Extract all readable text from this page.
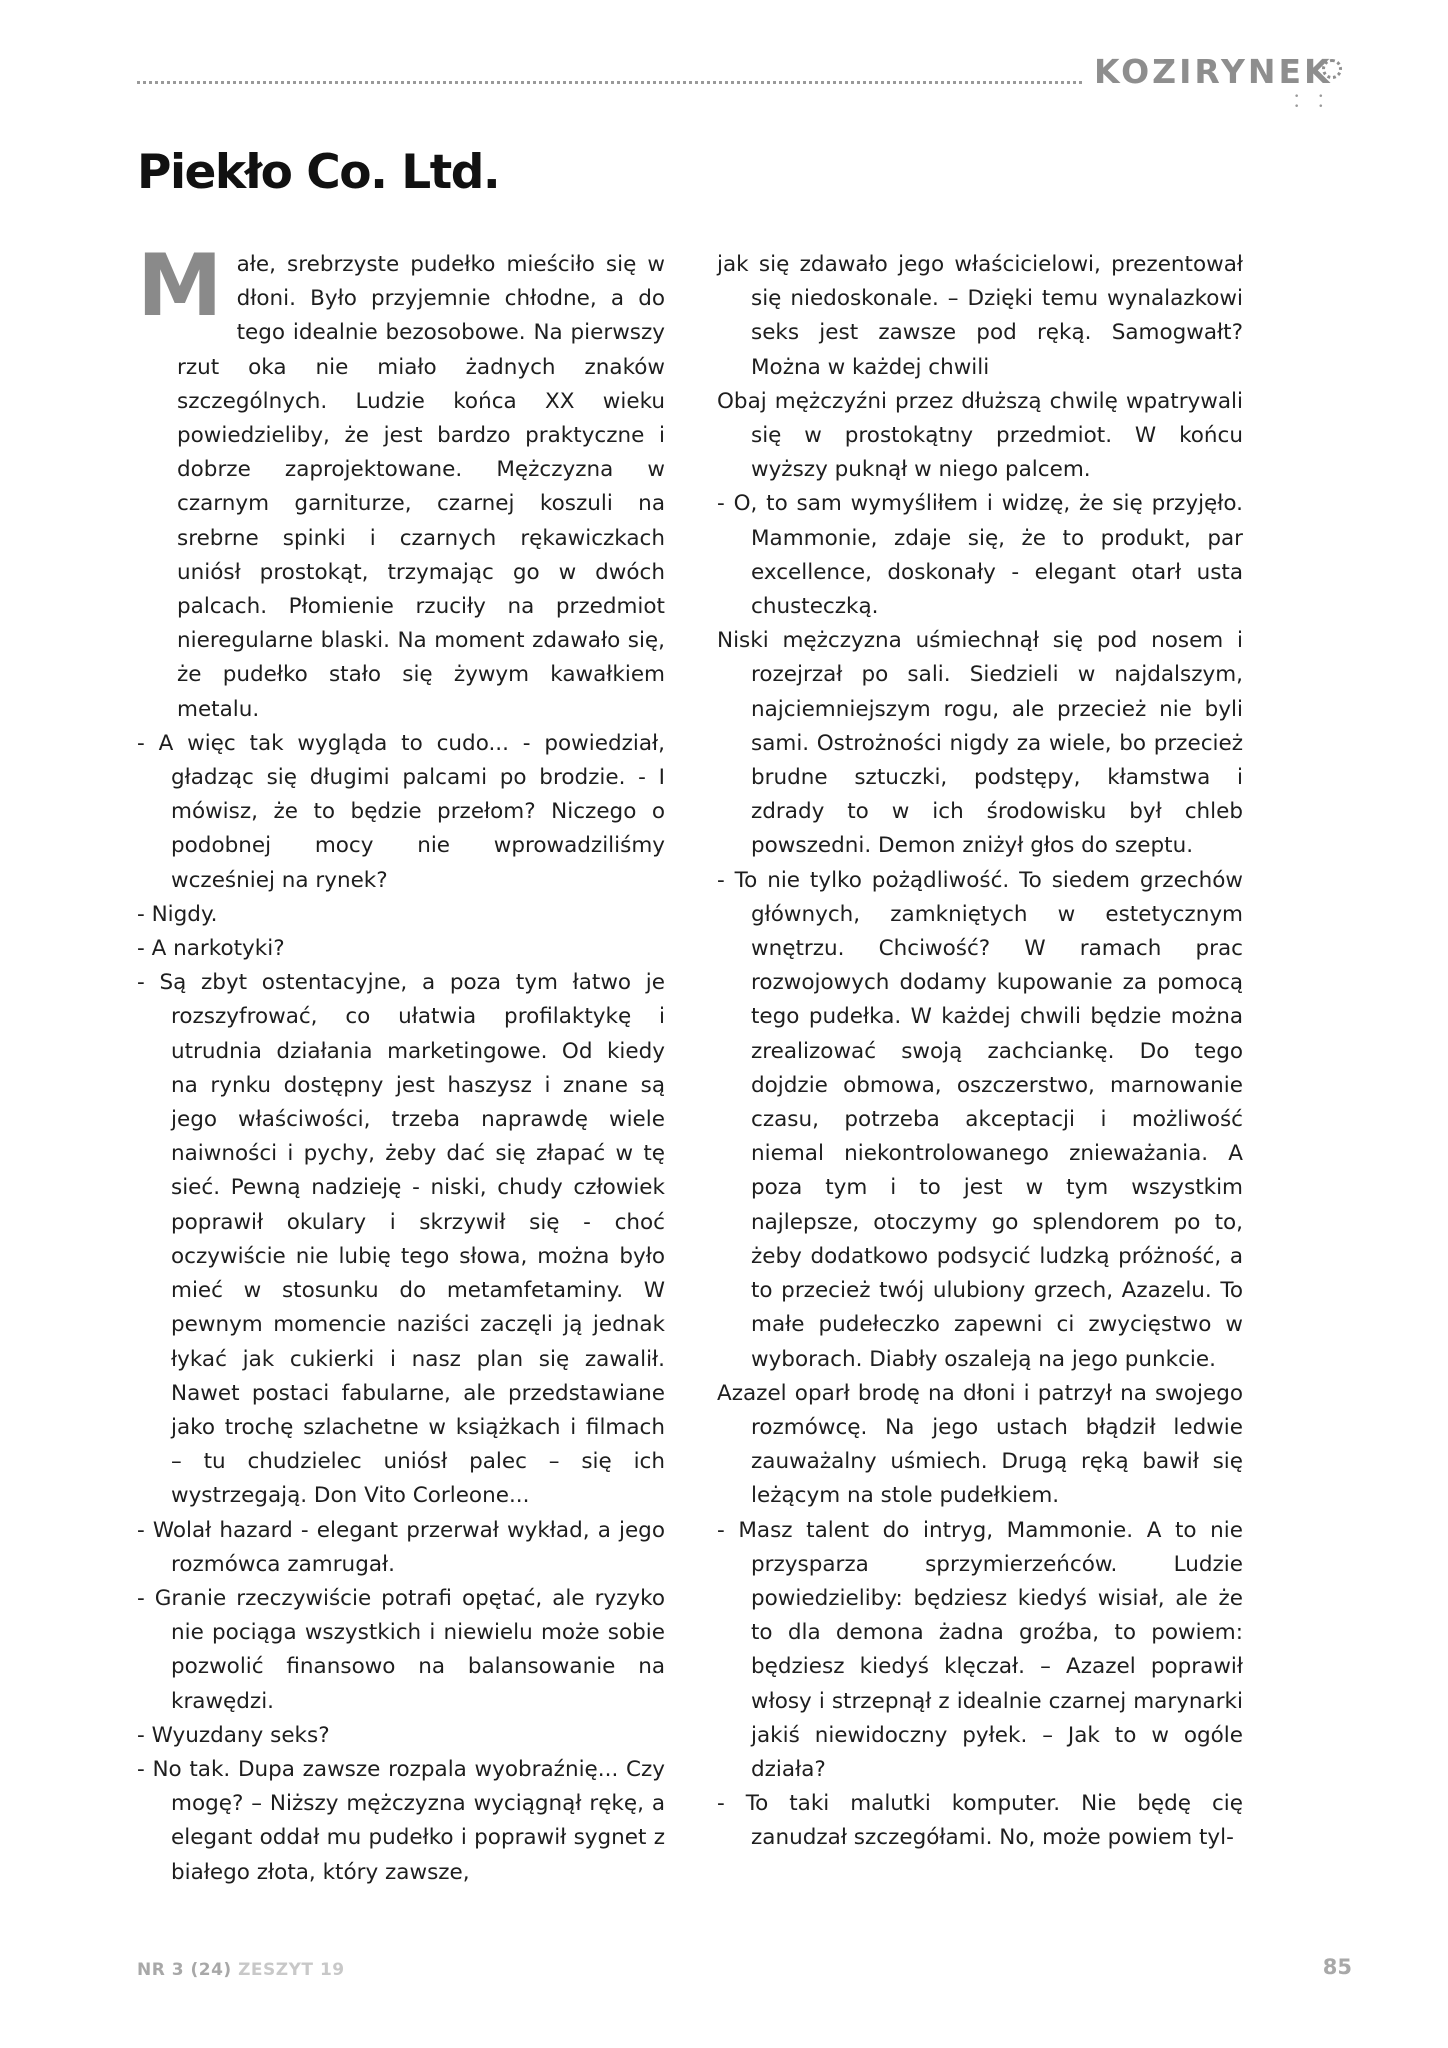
KOZIRYNEK
• • • •
Piekło Co. Ltd.

Małe, srebrzyste pudełko mieściło się w dłoni. Było przyjemnie chłodne, a do tego idealnie bezosobowe. Na pierwszy rzut oka nie miało żadnych znaków szczególnych. Ludzie końca XX wieku powiedzieliby, że jest bardzo praktyczne i dobrze zaprojektowane. Mężczyzna w czarnym garniturze, czarnej koszuli na srebrne spinki i czarnych rękawiczkach uniósł prostokąt, trzymając go w dwóch palcach. Płomienie rzuciły na przedmiot nieregularne blaski. Na moment zdawało się, że pudełko stało się żywym kawałkiem metalu.

- A więc tak wygląda to cudo... - powiedział, gładząc się długimi palcami po brodzie. - I mówisz, że to będzie przełom? Niczego o podobnej mocy nie wprowadziliśmy wcześniej na rynek?

- Nigdy.

- A narkotyki?

- Są zbyt ostentacyjne, a poza tym łatwo je rozszyfrować, co ułatwia profilaktykę i utrudnia działania marketingowe. Od kiedy na rynku dostępny jest haszysz i znane są jego właściwości, trzeba naprawdę wiele naiwności i pychy, żeby dać się złapać w tę sieć. Pewną nadzieję - niski, chudy człowiek poprawił okulary i skrzywił się - choć oczywiście nie lubię tego słowa, można było mieć w stosunku do metamfetaminy. W pewnym momencie naziści zaczęli ją jednak łykać jak cukierki i nasz plan się zawalił. Nawet postaci fabularne, ale przedstawiane jako trochę szlachetne w książkach i filmach – tu chudzielec uniósł palec – się ich wystrzegają. Don Vito Corleone...

- Wolał hazard - elegant przerwał wykład, a jego rozmówca zamrugał.

- Granie rzeczywiście potrafi opętać, ale ryzyko nie pociąga wszystkich i niewielu może sobie pozwolić finansowo na balansowanie na krawędzi.

- Wyuzdany seks?

- No tak. Dupa zawsze rozpala wyobraźnię... Czy mogę? – Niższy mężczyzna wyciągnął rękę, a elegant oddał mu pudełko i poprawił sygnet z białego złota, który zawsze,

jak się zdawało jego właścicielowi, prezentował się niedoskonale. – Dzięki temu wynalazkowi seks jest zawsze pod ręką. Samogwałt? Można w każdej chwili

Obaj mężczyźni przez dłuższą chwilę wpatrywali się w prostokątny przedmiot. W końcu wyższy puknął w niego palcem.

- O, to sam wymyśliłem i widzę, że się przyjęło. Mammonie, zdaje się, że to produkt, par excellence, doskonały - elegant otarł usta chusteczką.

Niski mężczyzna uśmiechnął się pod nosem i rozejrzał po sali. Siedzieli w najdalszym, najciemniejszym rogu, ale przecież nie byli sami. Ostrożności nigdy za wiele, bo przecież brudne sztuczki, podstępy, kłamstwa i zdrady to w ich środowisku był chleb powszedni. Demon zniżył głos do szeptu.

- To nie tylko pożądliwość. To siedem grzechów głównych, zamkniętych w estetycznym wnętrzu. Chciwość? W ramach prac rozwojowych dodamy kupowanie za pomocą tego pudełka. W każdej chwili będzie można zrealizować swoją zachciankę. Do tego dojdzie obmowa, oszczerstwo, marnowanie czasu, potrzeba akceptacji i możliwość niemal niekontrolowanego znieważania. A poza tym i to jest w tym wszystkim najlepsze, otoczymy go splendorem po to, żeby dodatkowo podsycić ludzką próżność, a to przecież twój ulubiony grzech, Azazelu. To małe pudełeczko zapewni ci zwycięstwo w wyborach. Diabły oszaleją na jego punkcie.

Azazel oparł brodę na dłoni i patrzył na swojego rozmówcę. Na jego ustach błądził ledwie zauważalny uśmiech. Drugą ręką bawił się leżącym na stole pudełkiem.

- Masz talent do intryg, Mammonie. A to nie przysparza sprzymierzeńców. Ludzie powiedzieliby: będziesz kiedyś wisiał, ale że to dla demona żadna groźba, to powiem: będziesz kiedyś klęczał. – Azazel poprawił włosy i strzepnął z idealnie czarnej marynarki jakiś niewidoczny pyłek. – Jak to w ogóle działa?

- To taki malutki komputer. Nie będę cię zanudzał szczegółami. No, może powiem tyl-

NR 3 (24) ZESZYT 19	85
